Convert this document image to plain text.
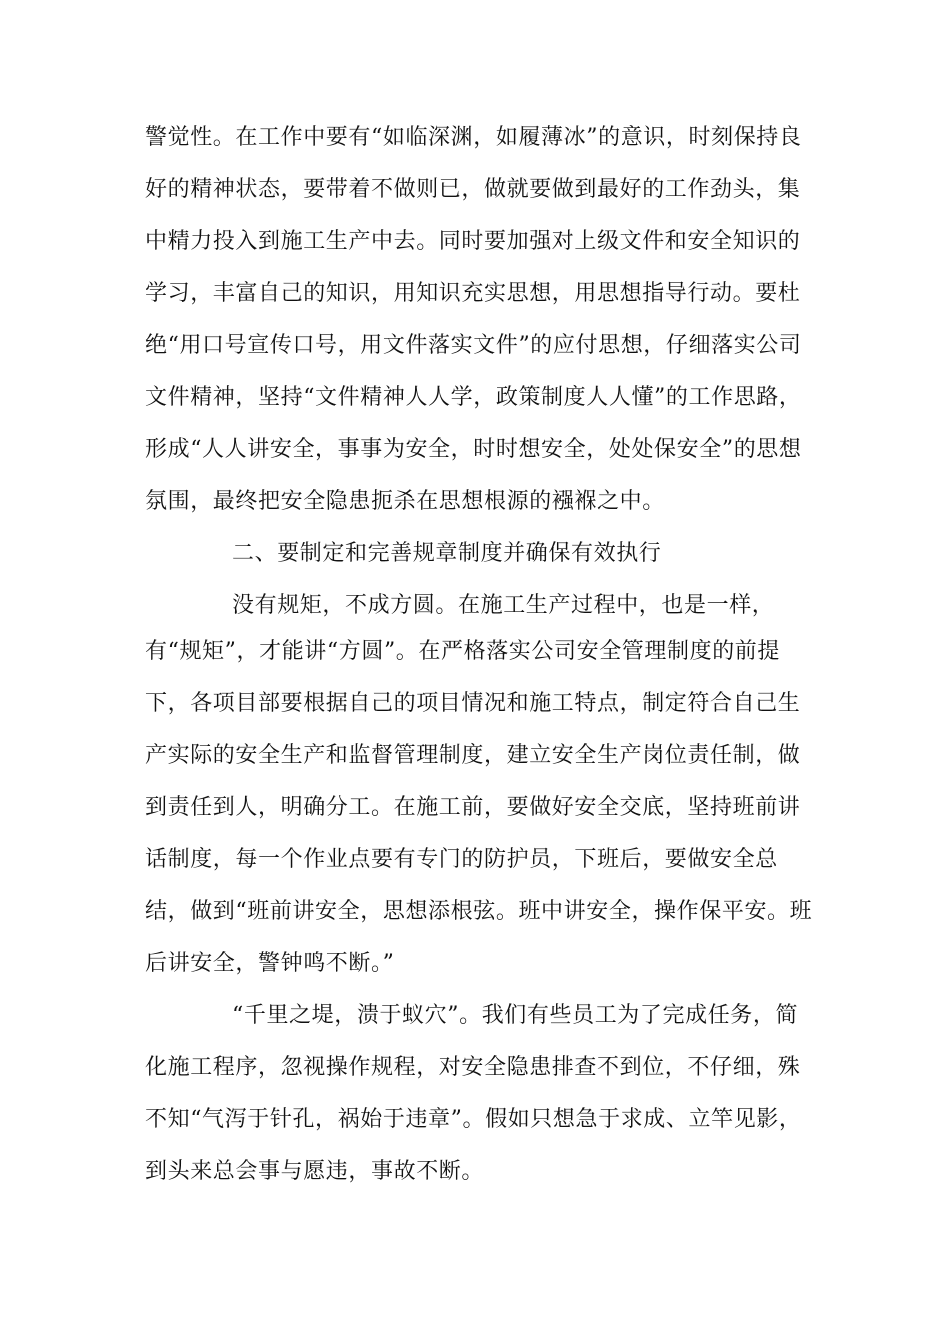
警觉性。在工作中要有“如临深渊，如履薄冰”的意识，时刻保持良
好的精神状态，要带着不做则已，做就要做到最好的工作劲头，集
中精力投入到施工生产中去。同时要加强对上级文件和安全知识的
学习，丰富自己的知识，用知识充实思想，用思想指导行动。要杜
绝“用口号宣传口号，用文件落实文件”的应付思想，仔细落实公司
文件精神，坚持“文件精神人人学，政策制度人人懂”的工作思路，
形成“人人讲安全，事事为安全，时时想安全，处处保安全”的思想
氛围，最终把安全隐患扼杀在思想根源的襁褓之中。
二、要制定和完善规章制度并确保有效执行
没有规矩，不成方圆。在施工生产过程中，也是一样，
有“规矩”，才能讲“方圆”。在严格落实公司安全管理制度的前提
下，各项目部要根据自己的项目情况和施工特点，制定符合自己生
产实际的安全生产和监督管理制度，建立安全生产岗位责任制，做
到责任到人，明确分工。在施工前，要做好安全交底，坚持班前讲
话制度，每一个作业点要有专门的防护员，下班后，要做安全总
结，做到“班前讲安全，思想添根弦。班中讲安全，操作保平安。班
后讲安全，警钟鸣不断。”
“千里之堤，溃于蚁穴”。我们有些员工为了完成任务，简
化施工程序，忽视操作规程，对安全隐患排查不到位，不仔细，殊
不知“气泻于针孔，祸始于违章”。假如只想急于求成、立竿见影，
到头来总会事与愿违，事故不断。
